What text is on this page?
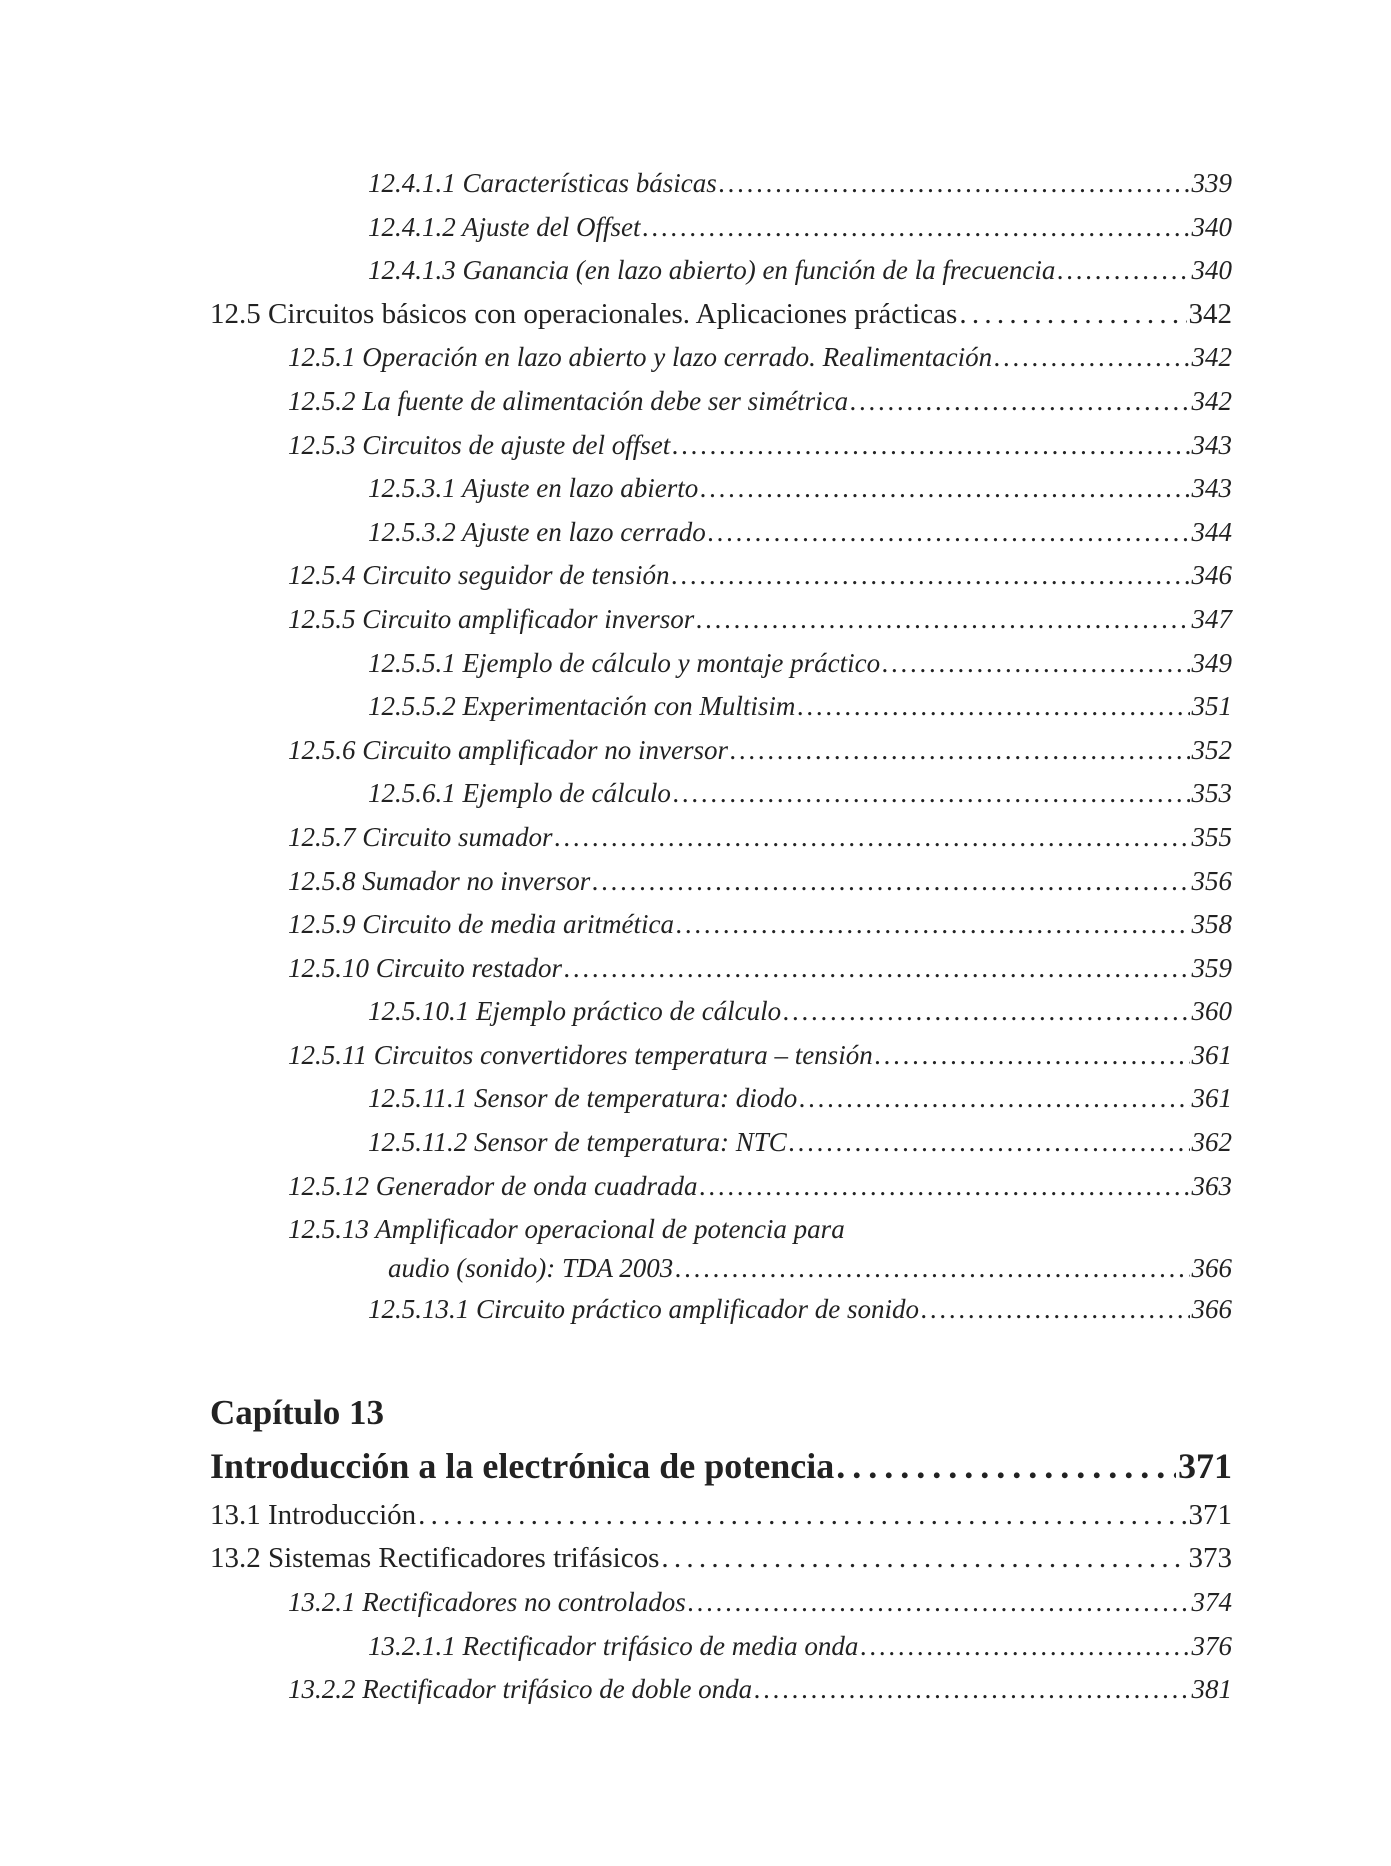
12.4.1.1 Características básicas . . .	339
12.4.1.2 Ajuste del Offset . . .	340
12.4.1.3 Ganancia (en lazo abierto) en función de la frecuencia . . .	340
12.5 Circuitos básicos con operacionales. Aplicaciones prácticas . . .	342
12.5.1 Operación en lazo abierto y lazo cerrado. Realimentación . . .	342
12.5.2 La fuente de alimentación debe ser simétrica . . .	342
12.5.3 Circuitos de ajuste del offset . . .	343
12.5.3.1 Ajuste en lazo abierto . . .	343
12.5.3.2 Ajuste en lazo cerrado . . .	344
12.5.4 Circuito seguidor de tensión . . .	346
12.5.5 Circuito amplificador inversor . . .	347
12.5.5.1 Ejemplo de cálculo y montaje práctico . . .	349
12.5.5.2 Experimentación con Multisim . . .	351
12.5.6 Circuito amplificador no inversor . . .	352
12.5.6.1 Ejemplo de cálculo . . .	353
12.5.7 Circuito sumador . . .	355
12.5.8 Sumador no inversor . . .	356
12.5.9 Circuito de media aritmética . . .	358
12.5.10 Circuito restador . . .	359
12.5.10.1 Ejemplo práctico de cálculo . . .	360
12.5.11 Circuitos convertidores temperatura – tensión . . .	361
12.5.11.1 Sensor de temperatura: diodo . . .	361
12.5.11.2 Sensor de temperatura: NTC . . .	362
12.5.12 Generador de onda cuadrada . . .	363
12.5.13 Amplificador operacional de potencia para
audio (sonido): TDA 2003 . . .	366
12.5.13.1 Circuito práctico amplificador de sonido . . .	366
Capítulo 13
Introducción a la electrónica de potencia . . .	371
13.1 Introducción . . .	371
13.2 Sistemas Rectificadores trifásicos . . .	373
13.2.1 Rectificadores no controlados . . .	374
13.2.1.1 Rectificador trifásico de media onda . . .	376
13.2.2 Rectificador trifásico de doble onda . . .	381
